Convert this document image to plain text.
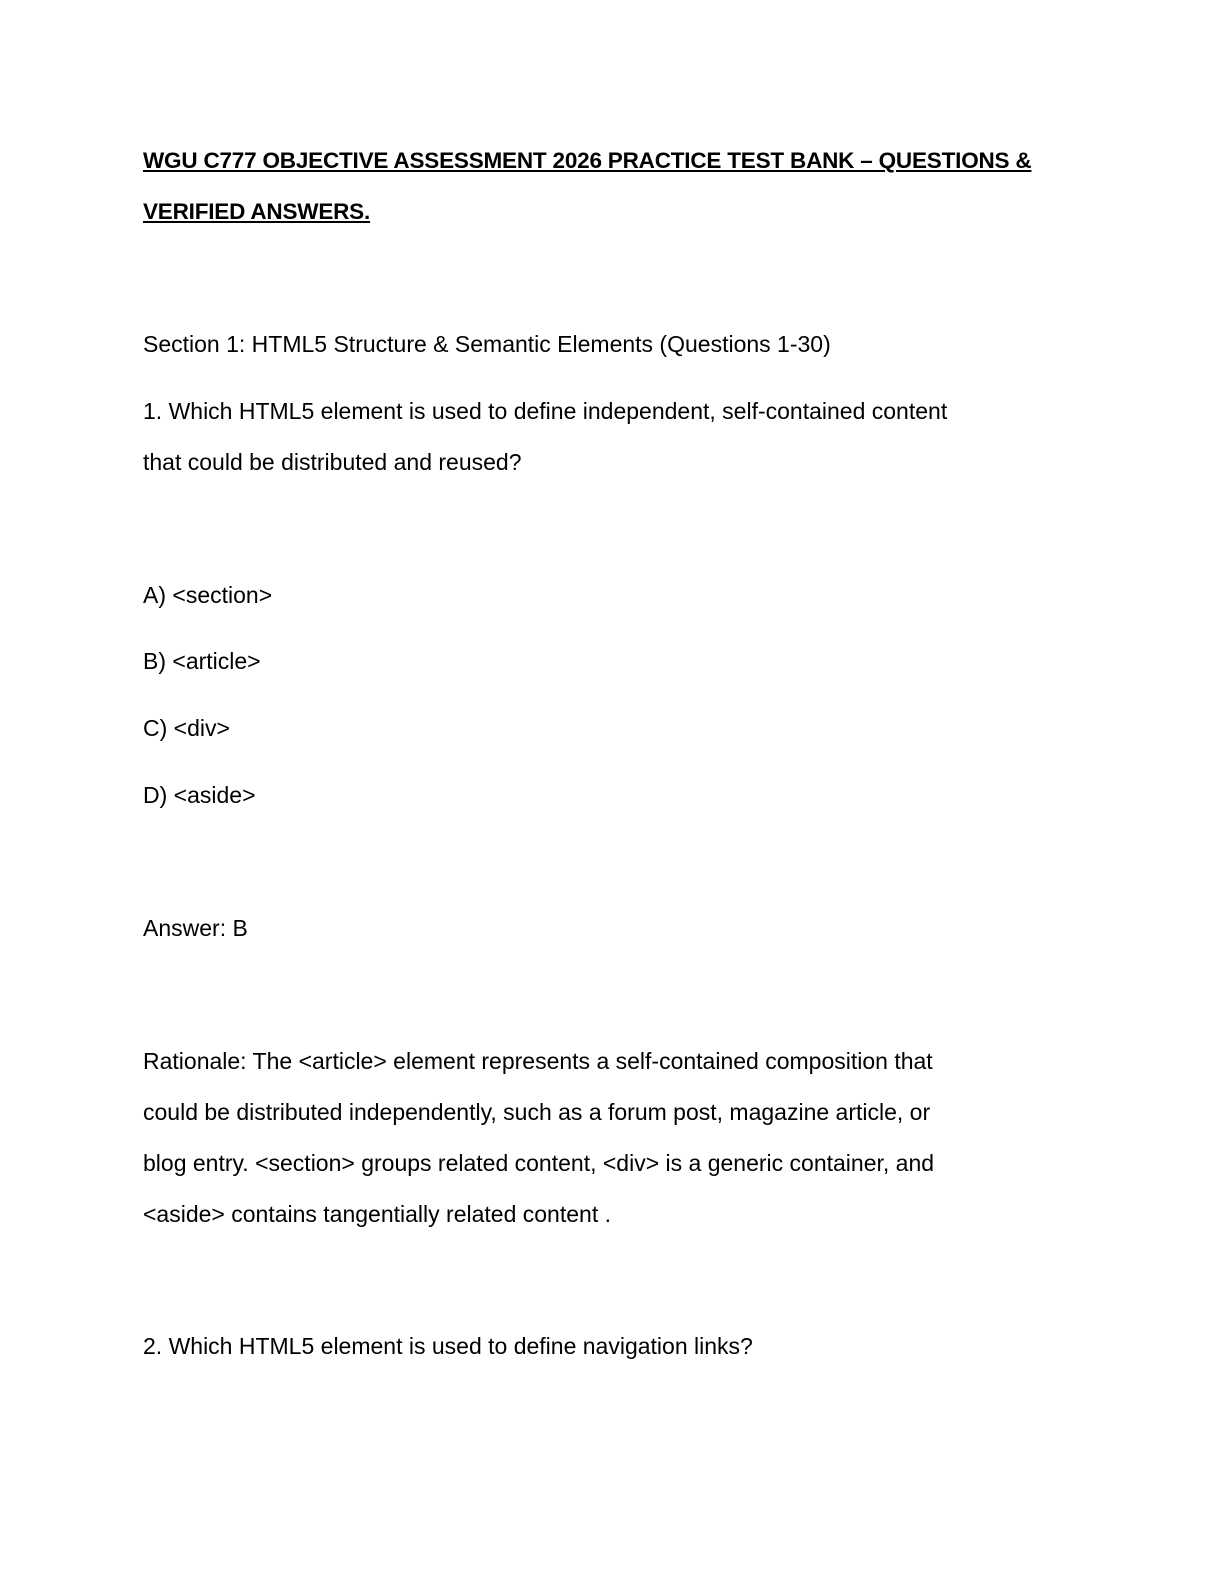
WGU C777 OBJECTIVE ASSESSMENT 2026 PRACTICE TEST BANK – QUESTIONS &
VERIFIED ANSWERS.
Section 1: HTML5 Structure & Semantic Elements (Questions 1-30)
1. Which HTML5 element is used to define independent, self-contained content
that could be distributed and reused?
A) <section>
B) <article>
C) <div>
D) <aside>
Answer: B
Rationale: The <article> element represents a self-contained composition that
could be distributed independently, such as a forum post, magazine article, or
blog entry. <section> groups related content, <div> is a generic container, and
<aside> contains tangentially related content .
2. Which HTML5 element is used to define navigation links?
